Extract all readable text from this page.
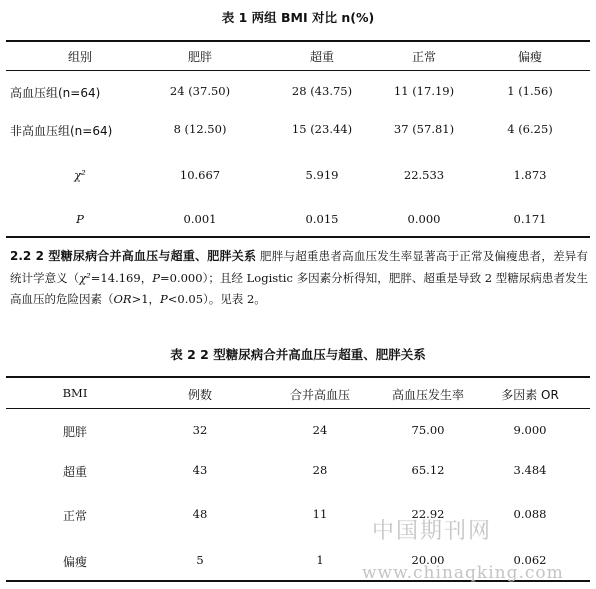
表 1 两组 BMI 对比 n(%)
组别	肥胖	超重	正常	偏瘦
高血压组(n=64)	24 (37.50)	28 (43.75)	11 (17.19)	1 (1.56)
非高血压组(n=64)	8 (12.50)	15 (23.44)	37 (57.81)	4 (6.25)
χ²	10.667	5.919	22.533	1.873
P	0.001	0.015	0.000	0.171
2.2 2 型糖尿病合并高血压与超重、肥胖关系 肥胖与超重患者高血压发生率显著高于正常及偏瘦患者，差异有统计学意义（χ²=14.169，P=0.000）；且经 Logistic 多因素分析得知，肥胖、超重是导致 2 型糖尿病患者发生高血压的危险因素（OR>1，P<0.05）。见表 2。
表 2 2 型糖尿病合并高血压与超重、肥胖关系
BMI	例数	合并高血压	高血压发生率	多因素 OR
肥胖	32	24	75.00	9.000
超重	43	28	65.12	3.484
正常	48	11	22.92	0.088
偏瘦	5	1	20.00	0.062
中国期刊网
www.chinaqking.com
